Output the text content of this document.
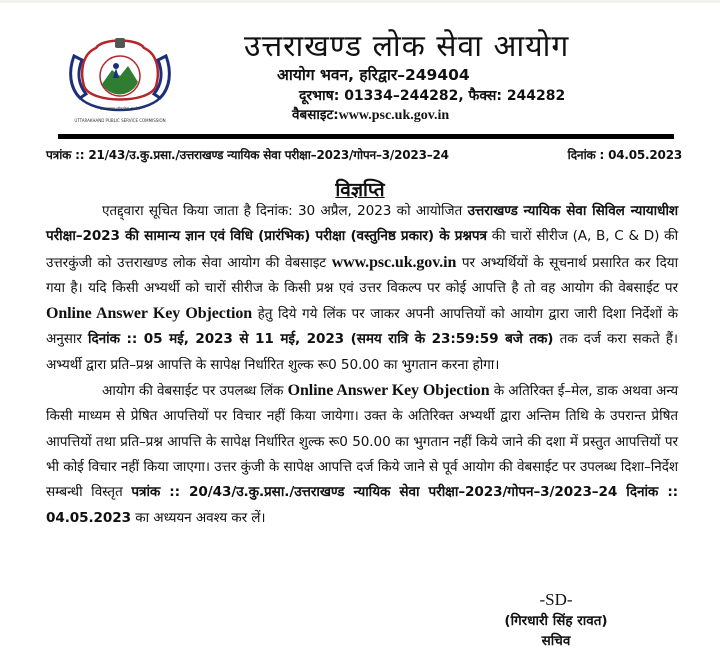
उत्तराखण्ड लोकसेवा आयोग
UTTARAKHAND PUBLIC SERVICE COMMISSION
उत्तराखण्ड लोक सेवा आयोग
आयोग भवन, हरिद्वार–249404
दूरभाष: 01334–244282, फैक्स: 244282
वैबसाइट:www.psc.uk.gov.in
पत्रांक :: 21/43/उ.कु.प्रसा./उत्तराखण्ड न्यायिक सेवा परीक्षा–2023/गोपन–3/2023–24	दिनांक : 04.05.2023
विज्ञप्ति

एतद्द्वारा सूचित किया जाता है दिनांक: 30 अप्रैल, 2023 को आयोजित उत्तराखण्ड न्यायिक सेवा सिविल न्यायाधीश परीक्षा–2023 की सामान्य ज्ञान एवं विधि (प्रारंभिक) परीक्षा (वस्तुनिष्ठ प्रकार) के प्रश्नपत्र की चारों सीरीज (A, B, C & D) की उत्तरकुंजी को उत्तराखण्ड लोक सेवा आयोग की वेबसाइट www.psc.uk.gov.in पर अभ्यर्थियों के सूचनार्थ प्रसारित कर दिया गया है। यदि किसी अभ्यर्थी को चारों सीरीज के किसी प्रश्न एवं उत्तर विकल्प पर कोई आपत्ति है तो वह आयोग की वेबसाईट पर Online Answer Key Objection हेतु दिये गये लिंक पर जाकर अपनी आपत्तियों को आयोग द्वारा जारी दिशा निर्देशों के अनुसार दिनांक :: 05 मई, 2023 से 11 मई, 2023 (समय रात्रि के 23:59:59 बजे तक) तक दर्ज करा सकते हैं। अभ्यर्थी द्वारा प्रति–प्रश्न आपत्ति के सापेक्ष निर्धारित शुल्क रू0 50.00 का भुगतान करना होगा।

आयोग की वेबसाईट पर उपलब्ध लिंक Online Answer Key Objection के अतिरिक्त ई–मेल, डाक अथवा अन्य किसी माध्यम से प्रेषित आपत्तियों पर विचार नहीं किया जायेगा। उक्त के अतिरिक्त अभ्यर्थी द्वारा अन्तिम तिथि के उपरान्त प्रेषित आपत्तियों तथा प्रति–प्रश्न आपत्ति के सापेक्ष निर्धारित शुल्क रू0 50.00 का भुगतान नहीं किये जाने की दशा में प्रस्तुत आपत्तियों पर भी कोई विचार नहीं किया जाएगा। उत्तर कुंजी के सापेक्ष आपत्ति दर्ज किये जाने से पूर्व आयोग की वेबसाईट पर उपलब्ध दिशा–निर्देश सम्बन्धी विस्तृत पत्रांक :: 20/43/उ.कु.प्रसा./उत्तराखण्ड न्यायिक सेवा परीक्षा–2023/गोपन–3/2023–24 दिनांक :: 04.05.2023 का अध्ययन अवश्य कर लें।

-SD-
(गिरधारी सिंह रावत)
सचिव
